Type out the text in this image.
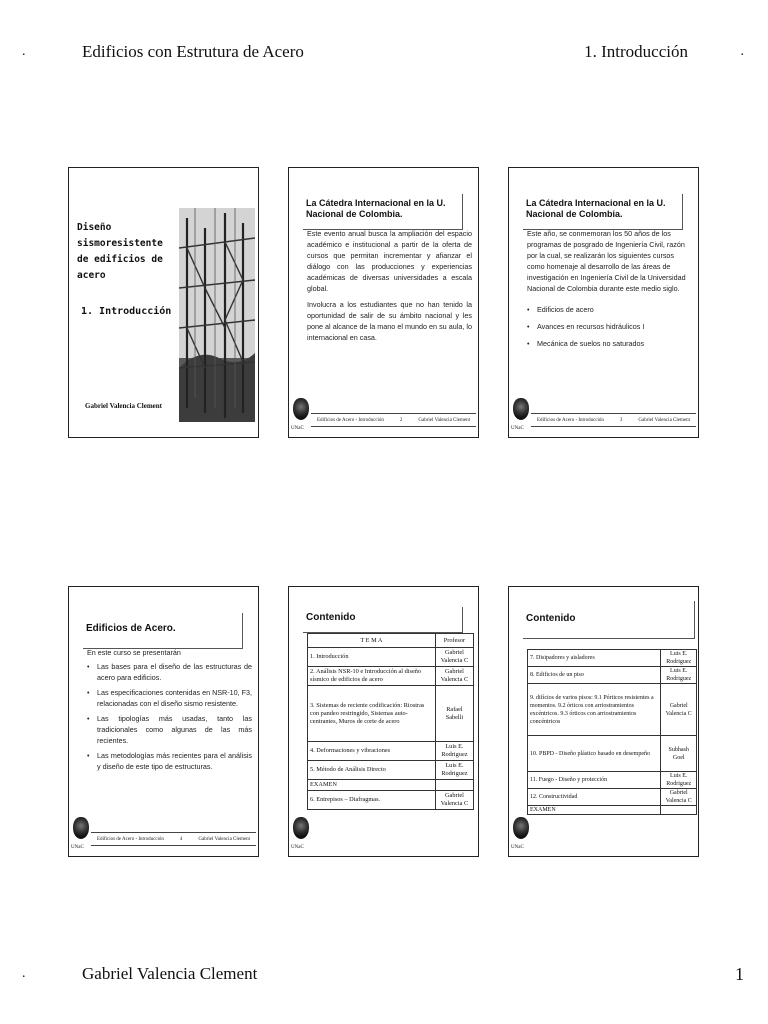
.	Edificios con Estrutura de Acero	1. Introducción	.
Diseño sismoresistente
de edificios de acero
1. Introducción
Gabriel Valencia Clement
La Cátedra Internacional en la U. Nacional de Colombia.

Este evento anual busca la ampliación del espacio académico e institucional a partir de la oferta de cursos que permitan incrementar y afianzar el diálogo con las producciones y experiencias académicas de diversas universidades a escala global.

Involucra a los estudiantes que no han tenido la oportunidad de salir de su ámbito nacional y les pone al alcance de la mano el mundo en su aula, lo internacional en casa.

UNaC
Edificios de Acero - Introducción	2	Gabriel Valencia Clement
La Cátedra Internacional en la U. Nacional de Colombia.

Este año, se conmemoran los 50 años de los programas de posgrado de Ingeniería Civil, razón por la cual, se realizarán los siguientes cursos como homenaje al desarrollo de las áreas de investigación en Ingeniería Civil de la Universidad Nacional de Colombia durante este medio siglo.

• Edificios de acero
• Avances en recursos hidráulicos I
• Mecánica de suelos no saturados
UNaC
Edificios de Acero - Introducción	3	Gabriel Valencia Clement
Edificios de Acero.

En este curso se presentarán

• Las bases para el diseño de las estructuras de acero para edificios.
• Las especificaciones contenidas en NSR-10, F3, relacionadas con el diseño sismo resistente.
• Las tipologías más usadas, tanto las tradicionales como algunas de las más recientes.
• Las metodologías más recientes para el análisis y diseño de este tipo de estructuras.
UNaC
Edificios de Acero - Introducción	4	Gabriel Valencia Clement
Contenido
T E M A	Profesor
1. Introducción	Gabriel Valencia C
2. Análisis NSR-10 e Introducción al diseño sísmico de edificios de acero	Gabriel Valencia C
3. Sistemas de reciente codificación: Riostras con pandeo restringido, Sistemas auto-centrantes, Muros de corte de acero	Rafael Sabelli
4. Deformaciones y vibraciones	Luis E. Rodriguez
5. Método de Análisis Directo	Luis E. Rodriguez
EXAMEN	
6. Entrepisos – Diafragmas.	Gabriel Valencia C
UNaC
Contenido
7. Disipadores y aisladores	Luis E. Rodriguez
8. Edificios de un piso	Luis E. Rodriguez
9. difícios de varios pisos: 9.1 Pórticos resistentes a momentos. 9.2 órticos con arriostramientos excéntricos. 9.3 órticos con arriostramientos concéntricos	Gabriel Valencia C
10. PBPD - Diseño plástico basado en desempeño	Subhash Goel
11. Fuego - Diseño y protección	Luis E. Rodriguez
12. Constructividad	Gabriel Valencia C
EXAMEN	
UNaC
.	Gabriel Valencia Clement	1
